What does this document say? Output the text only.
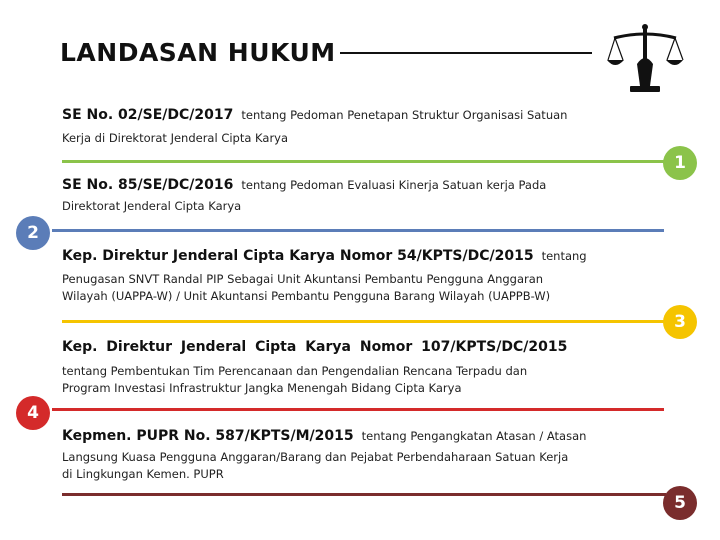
LANDASAN HUKUM
SE No. 02/SE/DC/2017 tentang Pedoman Penetapan Struktur Organisasi Satuan
Kerja di Direktorat Jenderal Cipta Karya
1
SE No. 85/SE/DC/2016 tentang Pedoman Evaluasi Kinerja Satuan kerja Pada
Direktorat Jenderal Cipta Karya
2
Kep. Direktur Jenderal Cipta Karya Nomor 54/KPTS/DC/2015 tentang
Penugasan SNVT Randal PIP Sebagai Unit Akuntansi Pembantu Pengguna Anggaran
Wilayah (UAPPA-W) / Unit Akuntansi Pembantu Pengguna Barang Wilayah (UAPPB-W)
3
Kep. Direktur Jenderal Cipta Karya Nomor 107/KPTS/DC/2015
tentang Pembentukan Tim Perencanaan dan Pengendalian Rencana Terpadu dan
Program Investasi Infrastruktur Jangka Menengah Bidang Cipta Karya
4
Kepmen. PUPR No. 587/KPTS/M/2015 tentang Pengangkatan Atasan / Atasan
Langsung Kuasa Pengguna Anggaran/Barang dan Pejabat Perbendaharaan Satuan Kerja
di Lingkungan Kemen. PUPR
5
